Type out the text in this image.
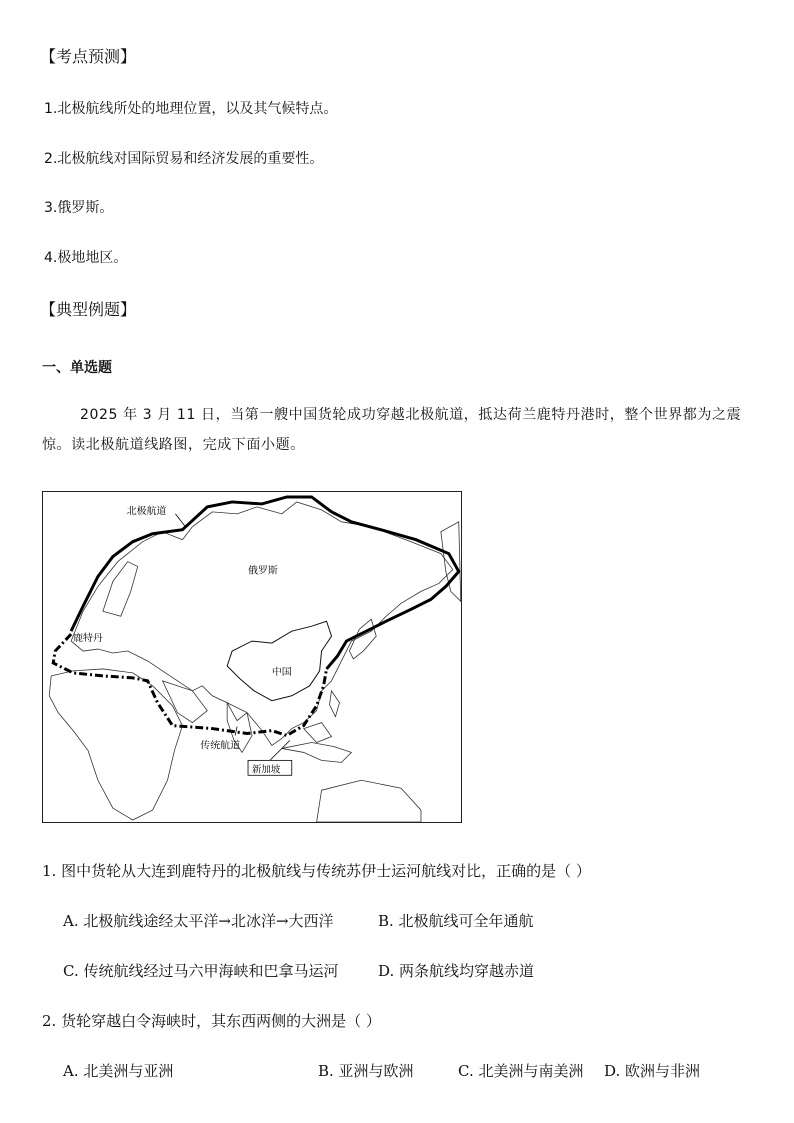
【考点预测】
1.北极航线所处的地理位置，以及其气候特点。
2.北极航线对国际贸易和经济发展的重要性。
3.俄罗斯。
4.极地地区。
【典型例题】
一、单选题
2025 年 3 月 11 日，当第一艘中国货轮成功穿越北极航道，抵达荷兰鹿特丹港时，整个世界都为之震惊。读北极航道线路图，完成下面小题。
北极航道
俄罗斯
鹿特丹
中国
传统航道
新加坡
1. 图中货轮从大连到鹿特丹的北极航线与传统苏伊士运河航线对比，正确的是（ ）
A. 北极航线途经太平洋→北冰洋→大西洋	B. 北极航线可全年通航
C. 传统航线经过马六甲海峡和巴拿马运河	D. 两条航线均穿越赤道
2. 货轮穿越白令海峡时，其东西两侧的大洲是（ ）
A. 北美洲与亚洲	B. 亚洲与欧洲	C. 北美洲与南美洲 D. 欧洲与非洲
